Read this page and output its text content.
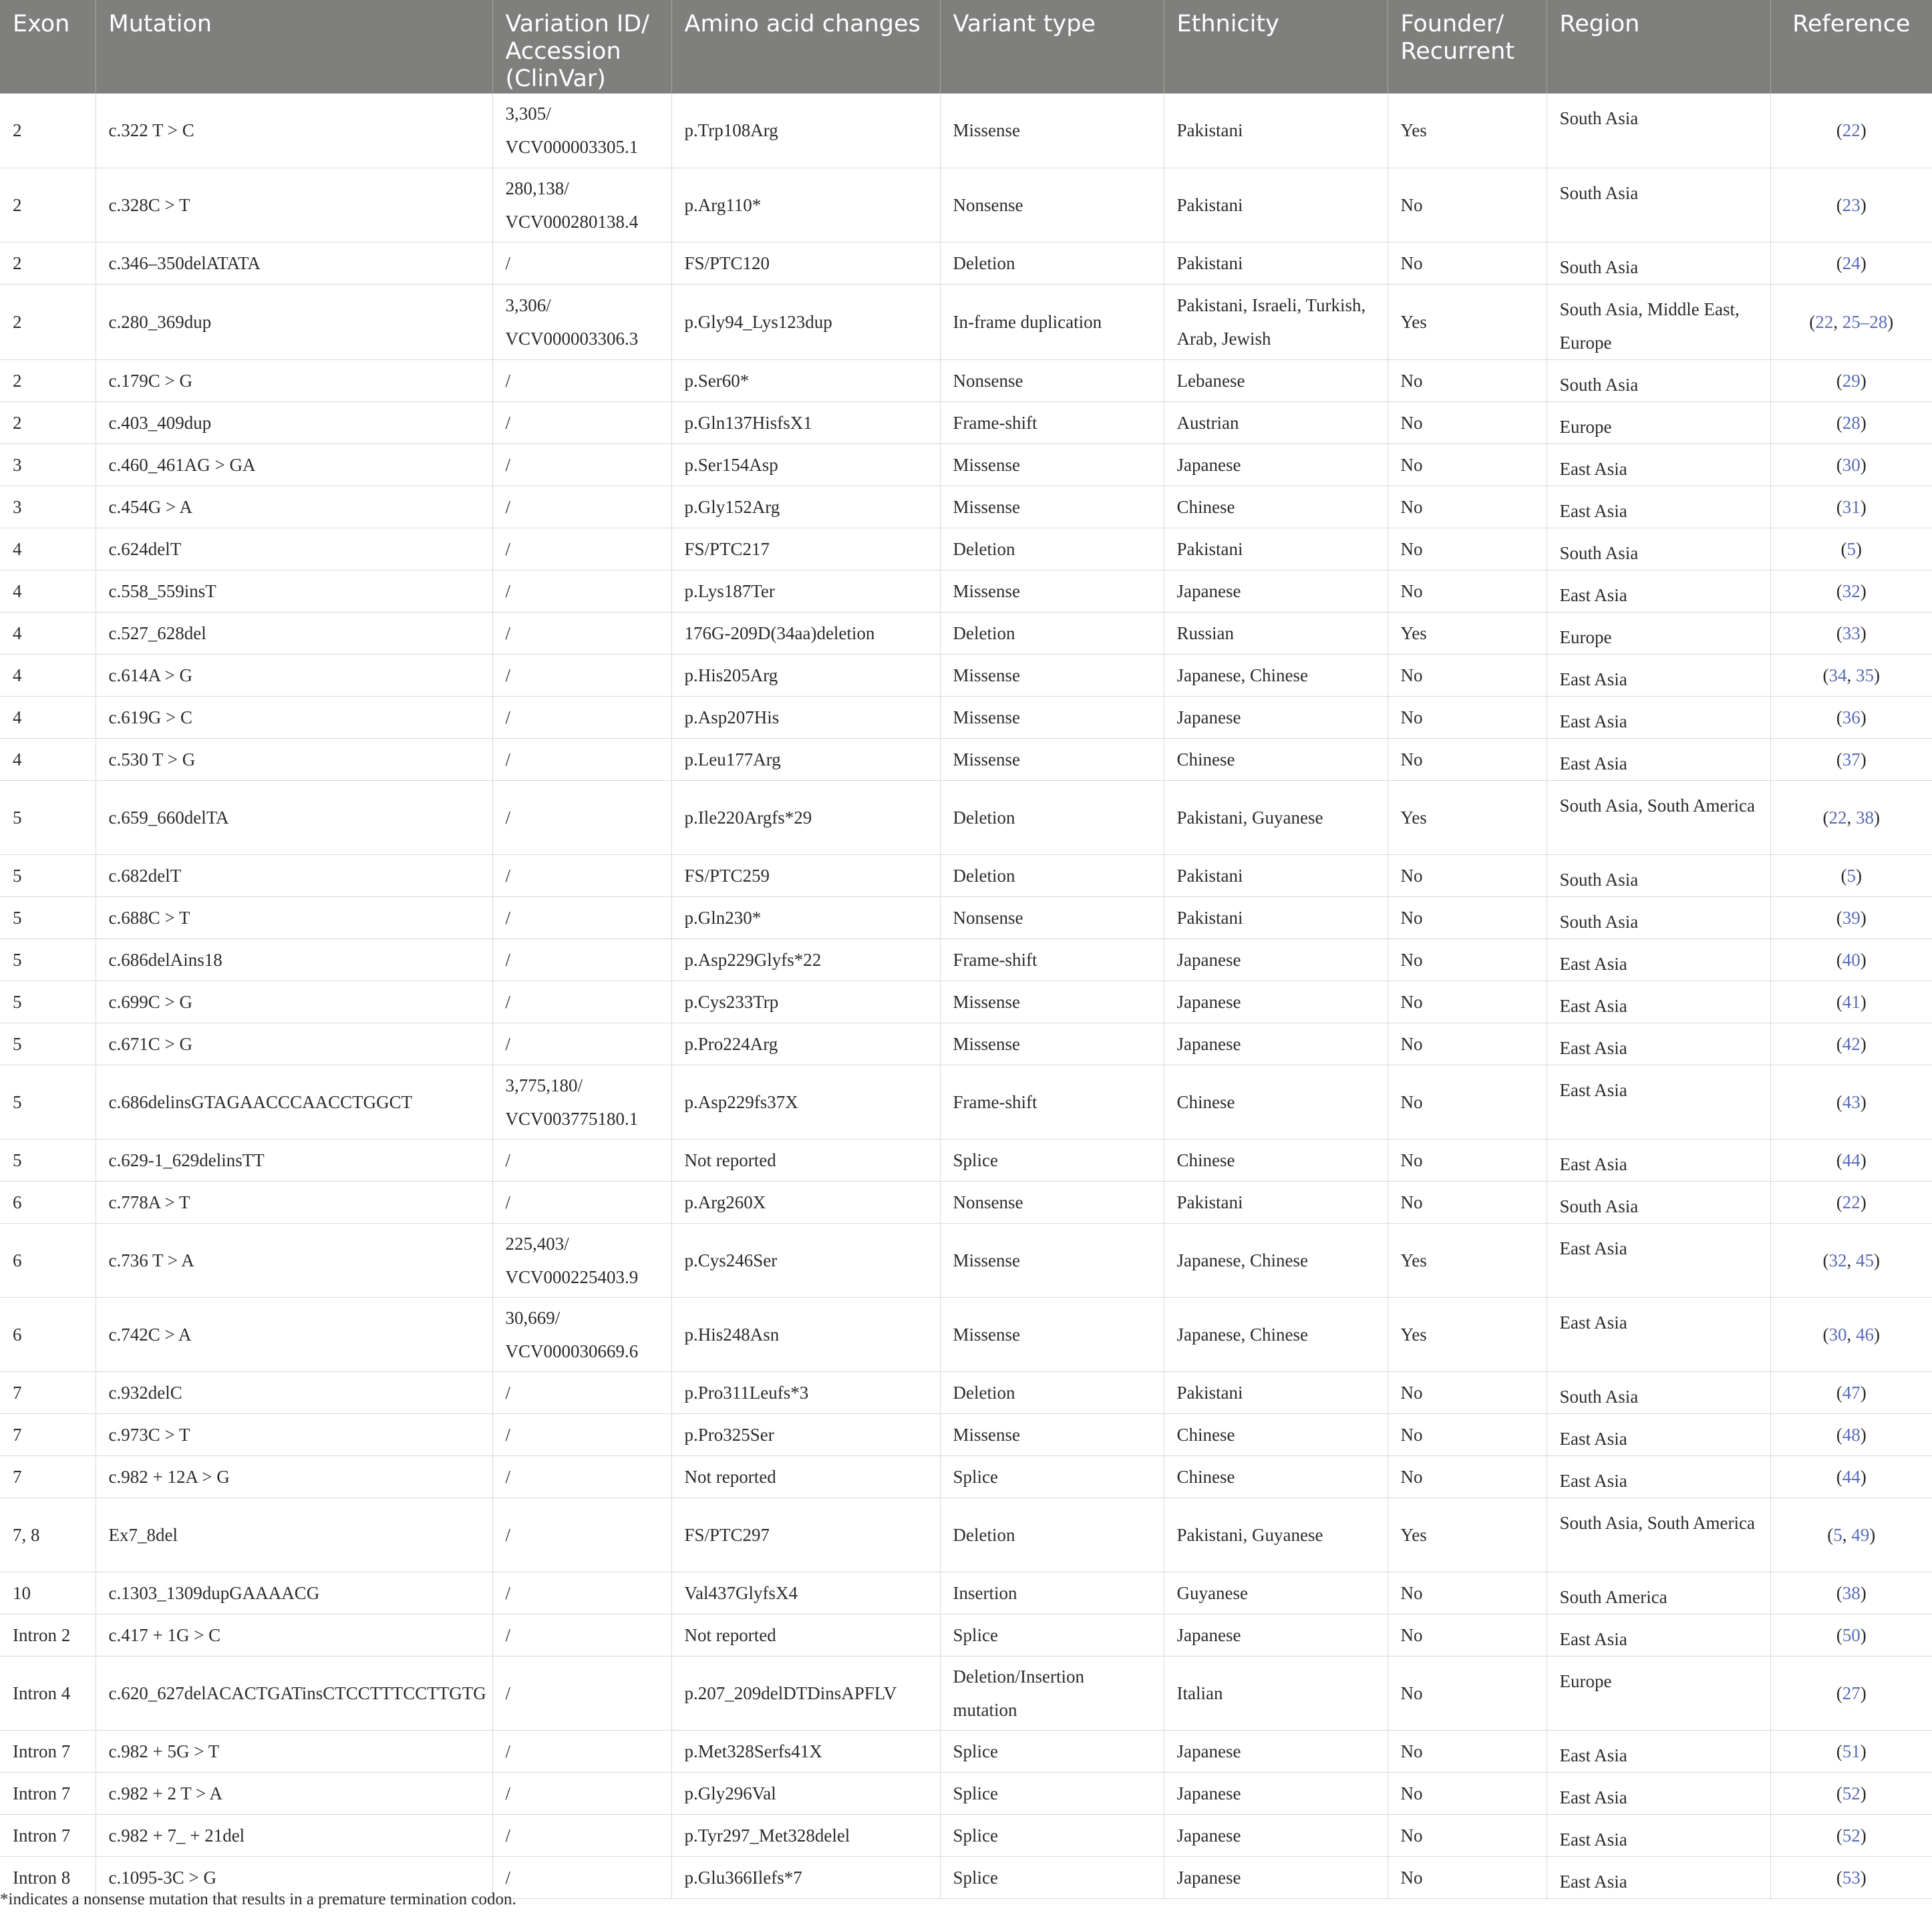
Exon	Mutation	Variation ID/ Accession (ClinVar)	Amino acid changes	Variant type	Ethnicity	Founder/ Recurrent	Region	Reference
2	c.322 T > C	3,305/ VCV000003305.1	p.Trp108Arg	Missense	Pakistani	Yes	South Asia	(22)
2	c.328C > T	280,138/ VCV000280138.4	p.Arg110*	Nonsense	Pakistani	No	South Asia	(23)
2	c.346–350delATATA	/	FS/PTC120	Deletion	Pakistani	No	South Asia	(24)
2	c.280_369dup	3,306/ VCV000003306.3	p.Gly94_Lys123dup	In-frame duplication	Pakistani, Israeli, Turkish, Arab, Jewish	Yes	South Asia, Middle East, Europe	(22, 25–28)
2	c.179C > G	/	p.Ser60*	Nonsense	Lebanese	No	South Asia	(29)
2	c.403_409dup	/	p.Gln137HisfsX1	Frame-shift	Austrian	No	Europe	(28)
3	c.460_461AG > GA	/	p.Ser154Asp	Missense	Japanese	No	East Asia	(30)
3	c.454G > A	/	p.Gly152Arg	Missense	Chinese	No	East Asia	(31)
4	c.624delT	/	FS/PTC217	Deletion	Pakistani	No	South Asia	(5)
4	c.558_559insT	/	p.Lys187Ter	Missense	Japanese	No	East Asia	(32)
4	c.527_628del	/	176G-209D(34aa)deletion	Deletion	Russian	Yes	Europe	(33)
4	c.614A > G	/	p.His205Arg	Missense	Japanese, Chinese	No	East Asia	(34, 35)
4	c.619G > C	/	p.Asp207His	Missense	Japanese	No	East Asia	(36)
4	c.530 T > G	/	p.Leu177Arg	Missense	Chinese	No	East Asia	(37)
5	c.659_660delTA	/	p.Ile220Argfs*29	Deletion	Pakistani, Guyanese	Yes	South Asia, South America	(22, 38)
5	c.682delT	/	FS/PTC259	Deletion	Pakistani	No	South Asia	(5)
5	c.688C > T	/	p.Gln230*	Nonsense	Pakistani	No	South Asia	(39)
5	c.686delAins18	/	p.Asp229Glyfs*22	Frame-shift	Japanese	No	East Asia	(40)
5	c.699C > G	/	p.Cys233Trp	Missense	Japanese	No	East Asia	(41)
5	c.671C > G	/	p.Pro224Arg	Missense	Japanese	No	East Asia	(42)
5	c.686delinsGTAGAACCCAACCTGGCT	3,775,180/ VCV003775180.1	p.Asp229fs37X	Frame-shift	Chinese	No	East Asia	(43)
5	c.629-1_629delinsTT	/	Not reported	Splice	Chinese	No	East Asia	(44)
6	c.778A > T	/	p.Arg260X	Nonsense	Pakistani	No	South Asia	(22)
6	c.736 T > A	225,403/ VCV000225403.9	p.Cys246Ser	Missense	Japanese, Chinese	Yes	East Asia	(32, 45)
6	c.742C > A	30,669/ VCV000030669.6	p.His248Asn	Missense	Japanese, Chinese	Yes	East Asia	(30, 46)
7	c.932delC	/	p.Pro311Leufs*3	Deletion	Pakistani	No	South Asia	(47)
7	c.973C > T	/	p.Pro325Ser	Missense	Chinese	No	East Asia	(48)
7	c.982 + 12A > G	/	Not reported	Splice	Chinese	No	East Asia	(44)
7, 8	Ex7_8del	/	FS/PTC297	Deletion	Pakistani, Guyanese	Yes	South Asia, South America	(5, 49)
10	c.1303_1309dupGAAAACG	/	Val437GlyfsX4	Insertion	Guyanese	No	South America	(38)
Intron 2	c.417 + 1G > C	/	Not reported	Splice	Japanese	No	East Asia	(50)
Intron 4	c.620_627delACACTGATinsCTCCTTTCCTTGTG	/	p.207_209delDTDinsAPFLV	Deletion/Insertion mutation	Italian	No	Europe	(27)
Intron 7	c.982 + 5G > T	/	p.Met328Serfs41X	Splice	Japanese	No	East Asia	(51)
Intron 7	c.982 + 2 T > A	/	p.Gly296Val	Splice	Japanese	No	East Asia	(52)
Intron 7	c.982 + 7_ + 21del	/	p.Tyr297_Met328delel	Splice	Japanese	No	East Asia	(52)
Intron 8	c.1095-3C > G	/	p.Glu366Ilefs*7	Splice	Japanese	No	East Asia	(53)
*indicates a nonsense mutation that results in a premature termination codon.
